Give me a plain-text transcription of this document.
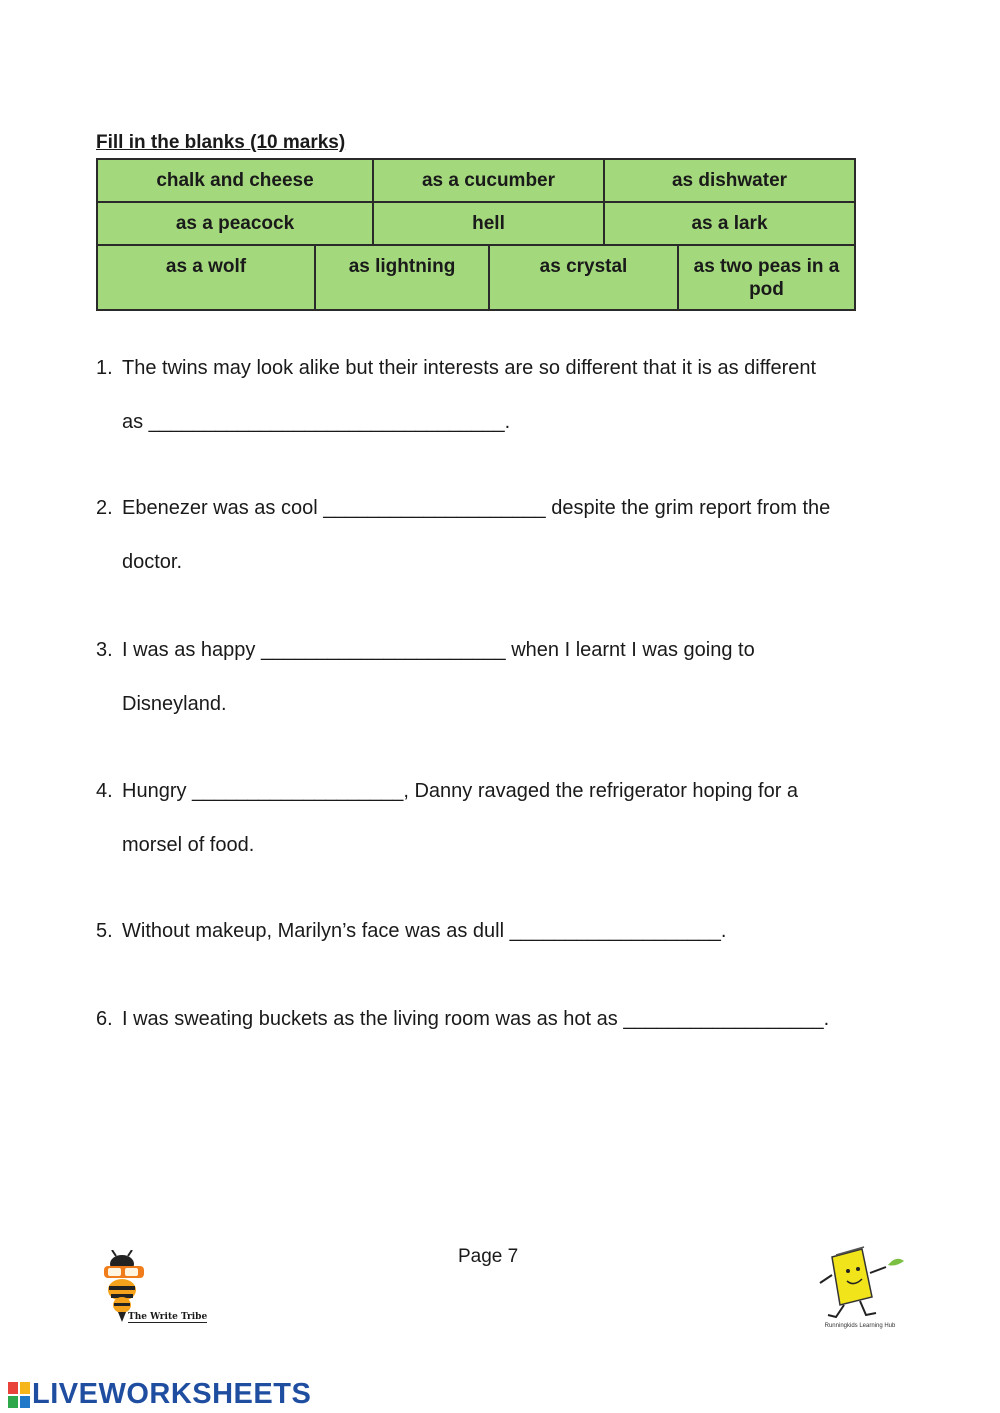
Fill in the blanks (10 marks)
chalk and cheese	as a cucumber	as dishwater
as a peacock	hell	as a lark
as a wolf	as lightning	as crystal	as two peas in a pod
1. The twins may look alike but their interests are so different that it is as different
as ________________________________.
2. Ebenezer was as cool ____________________ despite the grim report from the
doctor.
3. I was as happy ______________________ when I learnt I was going to
Disneyland.
4. Hungry ___________________, Danny ravaged the refrigerator hoping for a
morsel of food.
5. Without makeup, Marilyn’s face was as dull ___________________.
6. I was sweating buckets as the living room was as hot as __________________.
Page 7
The Write Tribe
Runningkids Learning Hub
LIVEWORKSHEETS
